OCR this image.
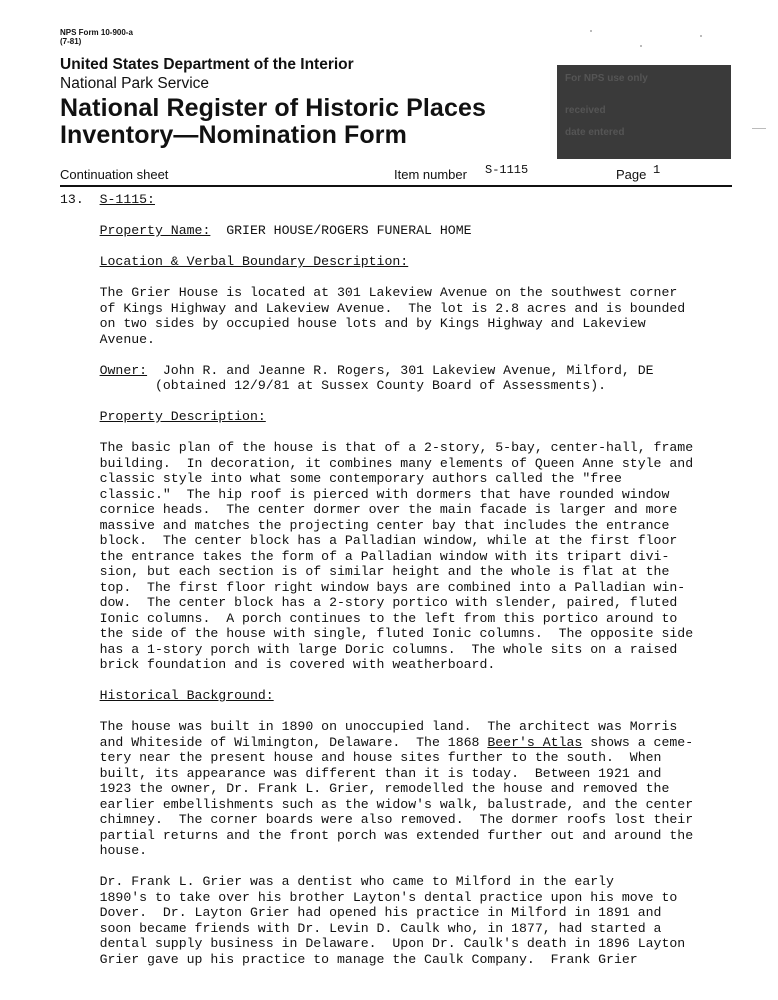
NPS Form 10-900-a
(7-81)
United States Department of the Interior
National Park Service
National Register of Historic Places
Inventory—Nomination Form
For NPS use only
received
date entered
Continuation sheet	Item number S-1115	Page 1
13. S-1115:

Property Name: GRIER HOUSE/ROGERS FUNERAL HOME

Location & Verbal Boundary Description:

The Grier House is located at 301 Lakeview Avenue on the southwest corner
of Kings Highway and Lakeview Avenue.  The lot is 2.8 acres and is bounded
on two sides by occupied house lots and by Kings Highway and Lakeview
Avenue.

Owner: John R. and Jeanne R. Rogers, 301 Lakeview Avenue, Milford, DE
(obtained 12/9/81 at Sussex County Board of Assessments).

Property Description:

The basic plan of the house is that of a 2-story, 5-bay, center-hall, frame
building.  In decoration, it combines many elements of Queen Anne style and
classic style into what some contemporary authors called the "free
classic."  The hip roof is pierced with dormers that have rounded window
cornice heads.  The center dormer over the main facade is larger and more
massive and matches the projecting center bay that includes the entrance
block.  The center block has a Palladian window, while at the first floor
the entrance takes the form of a Palladian window with its tripart divi-
sion, but each section is of similar height and the whole is flat at the
top.  The first floor right window bays are combined into a Palladian win-
dow.  The center block has a 2-story portico with slender, paired, fluted
Ionic columns.  A porch continues to the left from this portico around to
the side of the house with single, fluted Ionic columns.  The opposite side
has a 1-story porch with large Doric columns.  The whole sits on a raised
brick foundation and is covered with weatherboard.

Historical Background:

The house was built in 1890 on unoccupied land.  The architect was Morris
and Whiteside of Wilmington, Delaware.  The 1868 Beer's Atlas shows a ceme-
tery near the present house and house sites further to the south.  When
built, its appearance was different than it is today.  Between 1921 and
1923 the owner, Dr. Frank L. Grier, remodelled the house and removed the
earlier embellishments such as the widow's walk, balustrade, and the center
chimney.  The corner boards were also removed.  The dormer roofs lost their
partial returns and the front porch was extended further out and around the
house.

Dr. Frank L. Grier was a dentist who came to Milford in the early
1890's to take over his brother Layton's dental practice upon his move to
Dover.  Dr. Layton Grier had opened his practice in Milford in 1891 and
soon became friends with Dr. Levin D. Caulk who, in 1877, had started a
dental supply business in Delaware.  Upon Dr. Caulk's death in 1896 Layton
Grier gave up his practice to manage the Caulk Company.  Frank Grier
